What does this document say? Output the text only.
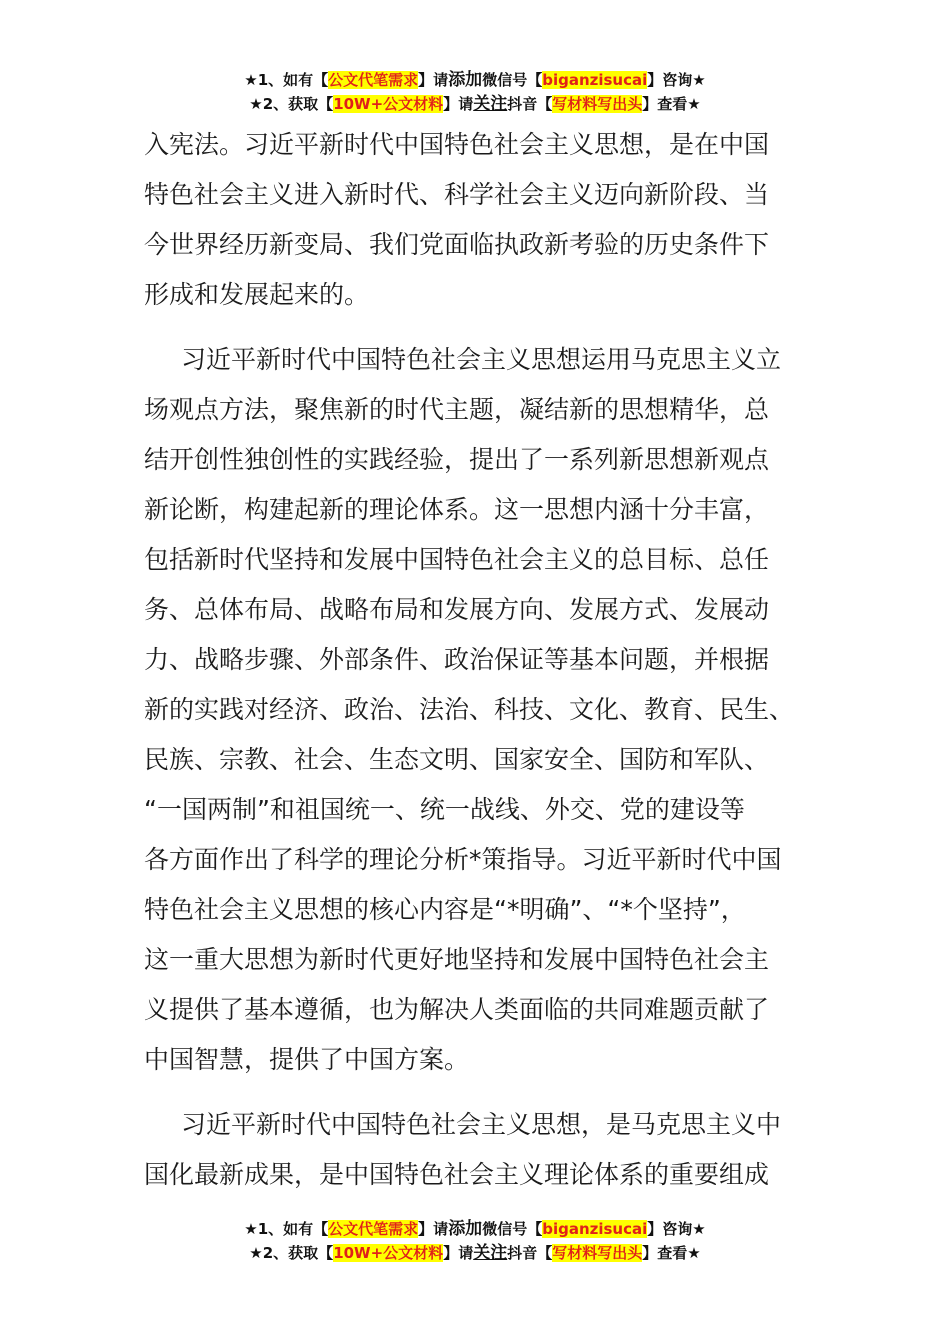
★1、如有【公文代笔需求】请添加微信号【biganzisucai】咨询★
★2、获取【10W+公文材料】请关注抖音【写材料写出头】查看★

入宪法。习近平新时代中国特色社会主义思想，是在中国

特色社会主义进入新时代、科学社会主义迈向新阶段、当

今世界经历新变局、我们党面临执政新考验的历史条件下

形成和发展起来的。

习近平新时代中国特色社会主义思想运用马克思主义立

场观点方法，聚焦新的时代主题，凝结新的思想精华，总

结开创性独创性的实践经验，提出了一系列新思想新观点

新论断，构建起新的理论体系。这一思想内涵十分丰富，

包括新时代坚持和发展中国特色社会主义的总目标、总任

务、总体布局、战略布局和发展方向、发展方式、发展动

力、战略步骤、外部条件、政治保证等基本问题，并根据

新的实践对经济、政治、法治、科技、文化、教育、民生、

民族、宗教、社会、生态文明、国家安全、国防和军队、

“一国两制”和祖国统一、统一战线、外交、党的建设等

各方面作出了科学的理论分析*策指导。习近平新时代中国

特色社会主义思想的核心内容是“*明确”、“*个坚持”，

这一重大思想为新时代更好地坚持和发展中国特色社会主

义提供了基本遵循，也为解决人类面临的共同难题贡献了

中国智慧，提供了中国方案。

习近平新时代中国特色社会主义思想，是马克思主义中

国化最新成果，是中国特色社会主义理论体系的重要组成

★1、如有【公文代笔需求】请添加微信号【biganzisucai】咨询★
★2、获取【10W+公文材料】请关注抖音【写材料写出头】查看★
